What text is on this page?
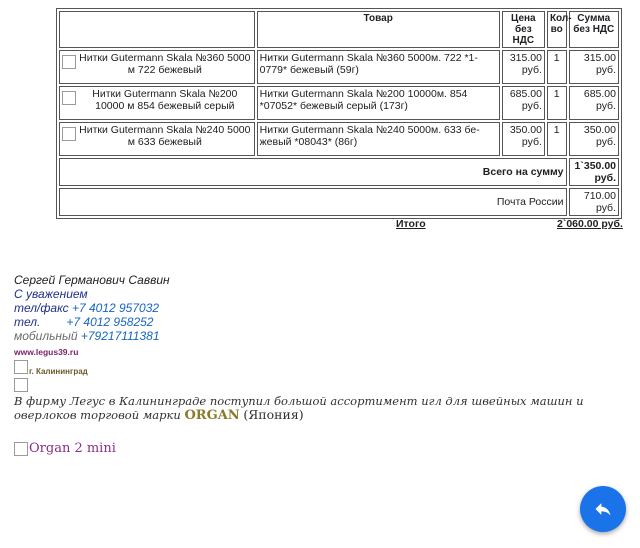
	Товар	Цена без НДС	Кол-во	Сумма без НДС

Нитки Gutermann Skala №360 5000 м 722 бежевый	Нитки Gutermann Skala №360 5000м. 722 *1-0779* бежевый (59г)	315.00 руб.	1	315.00 руб.

Нитки Gutermann Skala №200 10000 м 854 бежевый серый	Нитки Gutermann Skala №200 10000м. 854 *07052* бежевый серый (173г)	685.00 руб.	1	685.00 руб.

Нитки Gutermann Skala №240 5000 м 633 бежевый	Нитки Gutermann Skala №240 5000м. 633 бе-жевый *08043* (86г)	350.00 руб.	1	350.00 руб.
Всего на сумму				1`350.00 руб.
Почта России				710.00 руб.
Итого	2`060.00 руб.
Сергей Германович Саввин
С уважением
тел/факс +7 4012 957032
тел. +7 4012 958252
мобильный +79217111381
www.legus39.ru
г. Калининград
В фирму Легус в Калининграде поступил большой ассортимент игл для швейных машин и оверлоков торговой марки ORGAN (Япония)
Organ 2 mini
